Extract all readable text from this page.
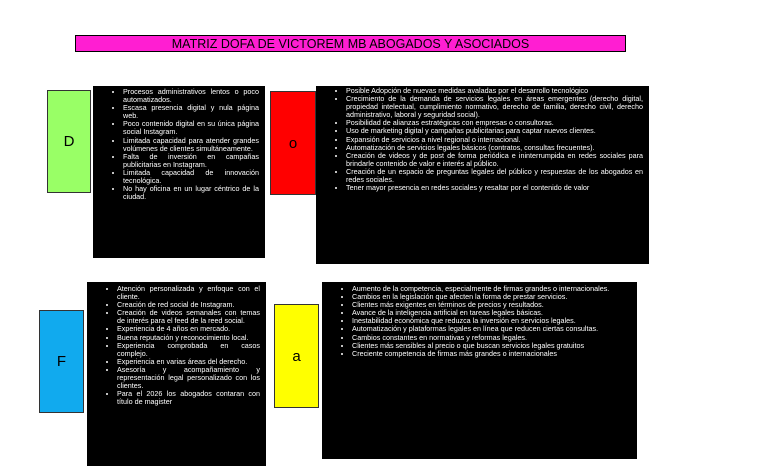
MATRIZ DOFA DE VICTOREM MB ABOGADOS Y ASOCIADOS
D
• Procesos administrativos lentos o poco automatizados.
• Escasa presencia digital y nula página web.
• Poco contenido digital en su única página social Instagram.
• Limitada capacidad para atender grandes volúmenes de clientes simultáneamente.
• Falta de inversión en campañas publicitarias en Instagram.
• Limitada capacidad de innovación tecnológica.
• No hay oficina en un lugar céntrico de la ciudad.
o
• Posible Adopción de nuevas medidas avaladas por el desarrollo tecnológico
• Crecimiento de la demanda de servicios legales en áreas emergentes (derecho digital, propiedad intelectual, cumplimiento normativo, derecho de familia, derecho civil, derecho administrativo, laboral y seguridad social).
• Posibilidad de alianzas estratégicas con empresas o consultoras.
• Uso de marketing digital y campañas publicitarias para captar nuevos clientes.
• Expansión de servicios a nivel regional o internacional.
• Automatización de servicios legales básicos (contratos, consultas frecuentes).
• Creación de videos y de post de forma periódica e ininterrumpida en redes sociales para brindarle contenido de valor e interés al público.
• Creación de un espacio de preguntas legales del público y respuestas de los abogados en redes sociales.
• Tener mayor presencia en redes sociales y resaltar por el contenido de valor
F
• Atención personalizada y enfoque con el cliente.
• Creación de red social de Instagram.
• Creación de videos semanales con temas de interés para el feed de la reed social.
• Experiencia de 4 años en mercado.
• Buena reputación y reconocimiento local.
• Experiencia comprobada en casos complejo.
• Experiencia en varias áreas del derecho.
• Asesoría y acompañamiento y representación legal personalizado con los clientes.
• Para el 2026 los abogados contaran con título de magister
a
• Aumento de la competencia, especialmente de firmas grandes o internacionales.
• Cambios en la legislación que afecten la forma de prestar servicios.
• Clientes más exigentes en términos de precios y resultados.
• Avance de la inteligencia artificial en tareas legales básicas.
• Inestabilidad económica que reduzca la inversión en servicios legales.
• Automatización y plataformas legales en línea que reducen ciertas consultas.
• Cambios constantes en normativas y reformas legales.
• Clientes más sensibles al precio o que buscan servicios legales gratuitos
• Creciente competencia de firmas más grandes o internacionales
